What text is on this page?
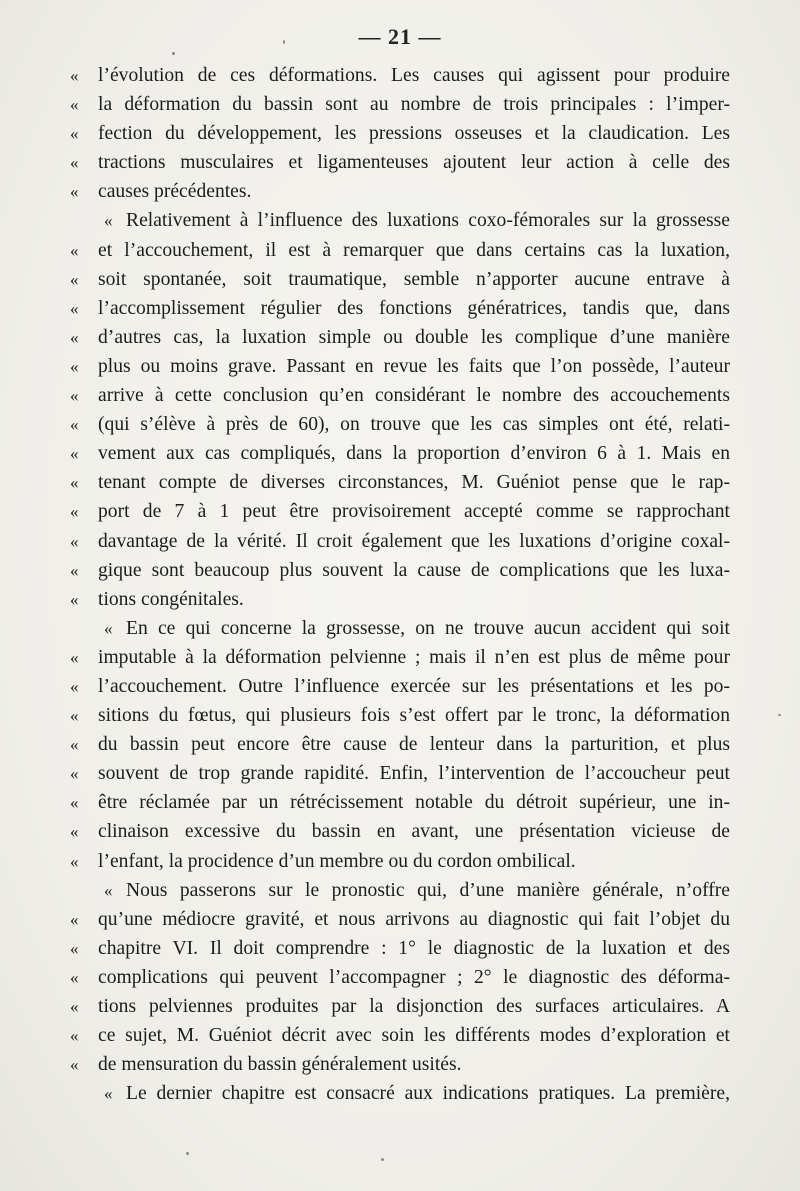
— 21 —
« l’évolution de ces déformations. Les causes qui agissent pour produire
« la déformation du bassin sont au nombre de trois principales : l’imper-
« fection du développement, les pressions osseuses et la claudication. Les
« tractions musculaires et ligamenteuses ajoutent leur action à celle des
« causes précédentes.
« Relativement à l’influence des luxations coxo-fémorales sur la grossesse
« et l’accouchement, il est à remarquer que dans certains cas la luxation,
« soit spontanée, soit traumatique, semble n’apporter aucune entrave à
« l’accomplissement régulier des fonctions génératrices, tandis que, dans
« d’autres cas, la luxation simple ou double les complique d’une manière
« plus ou moins grave. Passant en revue les faits que l’on possède, l’auteur
« arrive à cette conclusion qu’en considérant le nombre des accouchements
« (qui s’élève à près de 60), on trouve que les cas simples ont été, relati-
« vement aux cas compliqués, dans la proportion d’environ 6 à 1. Mais en
« tenant compte de diverses circonstances, M. Guéniot pense que le rap-
« port de 7 à 1 peut être provisoirement accepté comme se rapprochant
« davantage de la vérité. Il croit également que les luxations d’origine coxal-
« gique sont beaucoup plus souvent la cause de complications que les luxa-
« tions congénitales.
« En ce qui concerne la grossesse, on ne trouve aucun accident qui soit
« imputable à la déformation pelvienne ; mais il n’en est plus de même pour
« l’accouchement. Outre l’influence exercée sur les présentations et les po-
« sitions du fœtus, qui plusieurs fois s’est offert par le tronc, la déformation
« du bassin peut encore être cause de lenteur dans la parturition, et plus
« souvent de trop grande rapidité. Enfin, l’intervention de l’accoucheur peut
« être réclamée par un rétrécissement notable du détroit supérieur, une in-
« clinaison excessive du bassin en avant, une présentation vicieuse de
« l’enfant, la procidence d’un membre ou du cordon ombilical.
« Nous passerons sur le pronostic qui, d’une manière générale, n’offre
« qu’une médiocre gravité, et nous arrivons au diagnostic qui fait l’objet du
« chapitre VI. Il doit comprendre : 1° le diagnostic de la luxation et des
« complications qui peuvent l’accompagner ; 2° le diagnostic des déforma-
« tions pelviennes produites par la disjonction des surfaces articulaires. A
« ce sujet, M. Guéniot décrit avec soin les différents modes d’exploration et
« de mensuration du bassin généralement usités.
« Le dernier chapitre est consacré aux indications pratiques. La première,
